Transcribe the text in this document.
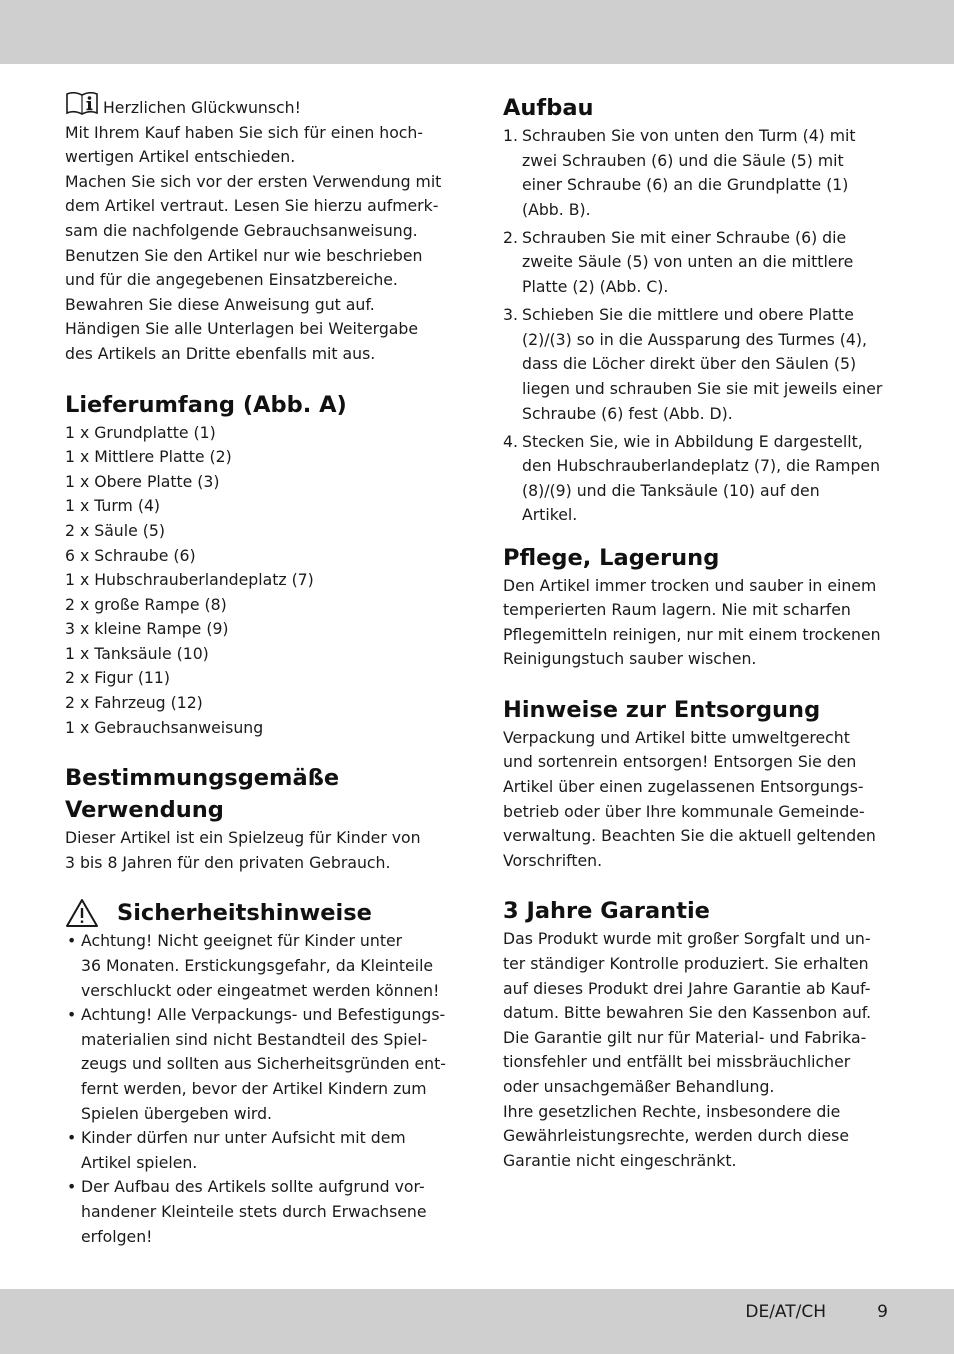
Herzlichen Glückwunsch!

Mit Ihrem Kauf haben Sie sich für einen hoch-
wertigen Artikel entschieden.
Machen Sie sich vor der ersten Verwendung mit
dem Artikel vertraut. Lesen Sie hierzu aufmerk-
sam die nachfolgende Gebrauchsanweisung.
Benutzen Sie den Artikel nur wie beschrieben
und für die angegebenen Einsatzbereiche.
Bewahren Sie diese Anweisung gut auf.
Händigen Sie alle Unterlagen bei Weitergabe
des Artikels an Dritte ebenfalls mit aus.

Lieferumfang (Abb. A)
1 x Grundplatte (1)
1 x Mittlere Platte (2)
1 x Obere Platte (3)
1 x Turm (4)
2 x Säule (5)
6 x Schraube (6)
1 x Hubschrauberlandeplatz (7)
2 x große Rampe (8)
3 x kleine Rampe (9)
1 x Tanksäule (10)
2 x Figur (11)
2 x Fahrzeug (12)
1 x Gebrauchsanweisung
Bestimmungsgemäße
Verwendung

Dieser Artikel ist ein Spielzeug für Kinder von
3 bis 8 Jahren für den privaten Gebrauch.

Sicherheitshinweise
• Achtung! Nicht geeignet für Kinder unter
36 Monaten. Erstickungsgefahr, da Kleinteile
verschluckt oder eingeatmet werden können!
• Achtung! Alle Verpackungs- und Befestigungs-
materialien sind nicht Bestandteil des Spiel-
zeugs und sollten aus Sicherheitsgründen ent-
fernt werden, bevor der Artikel Kindern zum
Spielen übergeben wird.
• Kinder dürfen nur unter Aufsicht mit dem
Artikel spielen.
• Der Aufbau des Artikels sollte aufgrund vor-
handener Kleinteile stets durch Erwachsene
erfolgen!
Aufbau
1. Schrauben Sie von unten den Turm (4) mit
zwei Schrauben (6) und die Säule (5) mit
einer Schraube (6) an die Grundplatte (1)
(Abb. B).
2. Schrauben Sie mit einer Schraube (6) die
zweite Säule (5) von unten an die mittlere
Platte (2) (Abb. C).
3. Schieben Sie die mittlere und obere Platte
(2)/(3) so in die Aussparung des Turmes (4),
dass die Löcher direkt über den Säulen (5)
liegen und schrauben Sie sie mit jeweils einer
Schraube (6) fest (Abb. D).
4. Stecken Sie, wie in Abbildung E dargestellt,
den Hubschrauberlandeplatz (7), die Rampen
(8)/(9) und die Tanksäule (10) auf den
Artikel.
Pflege, Lagerung

Den Artikel immer trocken und sauber in einem
temperierten Raum lagern. Nie mit scharfen
Pflegemitteln reinigen, nur mit einem trockenen
Reinigungstuch sauber wischen.

Hinweise zur Entsorgung

Verpackung und Artikel bitte umweltgerecht
und sortenrein entsorgen! Entsorgen Sie den
Artikel über einen zugelassenen Entsorgungs-
betrieb oder über Ihre kommunale Gemeinde-
verwaltung. Beachten Sie die aktuell geltenden
Vorschriften.

3 Jahre Garantie

Das Produkt wurde mit großer Sorgfalt und un-
ter ständiger Kontrolle produziert. Sie erhalten
auf dieses Produkt drei Jahre Garantie ab Kauf-
datum. Bitte bewahren Sie den Kassenbon auf.
Die Garantie gilt nur für Material- und Fabrika-
tionsfehler und entfällt bei missbräuchlicher
oder unsachgemäßer Behandlung.
Ihre gesetzlichen Rechte, insbesondere die
Gewährleistungsrechte, werden durch diese
Garantie nicht eingeschränkt.

DE/AT/CH	9
